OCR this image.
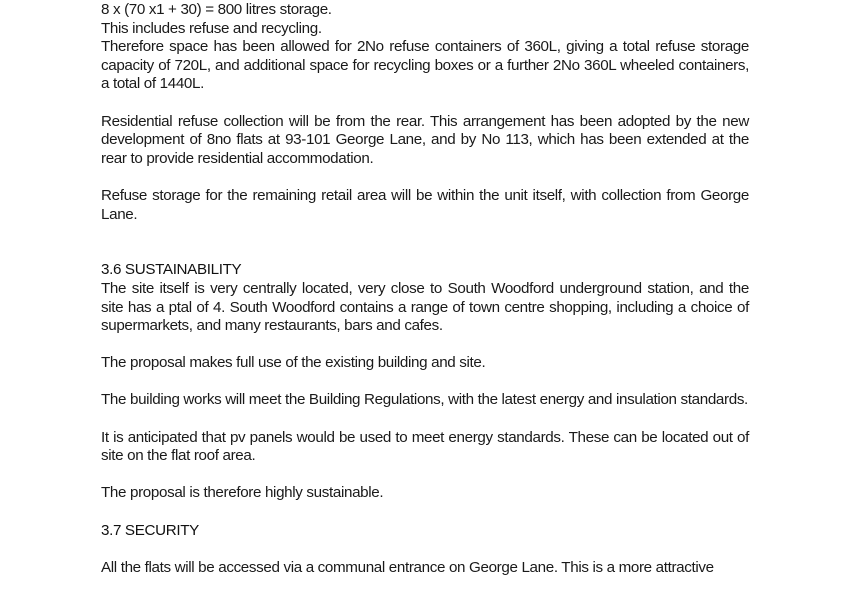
8 x (70 x1 + 30) = 800 litres storage.
This includes refuse and recycling.

Therefore space has been allowed for 2No refuse containers of 360L, giving a total refuse storage capacity of 720L, and additional space for recycling boxes or a further 2No 360L wheeled containers, a total of 1440L.

Residential refuse collection will be from the rear. This arrangement has been adopted by the new development of 8no flats at 93-101 George Lane, and by No 113, which has been extended at the rear to provide residential accommodation.

Refuse storage for the remaining retail area will be within the unit itself, with collection from George Lane.

3.6 SUSTAINABILITY

The site itself is very centrally located, very close to South Woodford underground station, and the site has a ptal of 4. South Woodford contains a range of town centre shopping, including a choice of supermarkets, and many restaurants, bars and cafes.

The proposal makes full use of the existing building and site.

The building works will meet the Building Regulations, with the latest energy and insulation standards.

It is anticipated that pv panels would be used to meet energy standards. These can be located out of site on the flat roof area.

The proposal is therefore highly sustainable.

3.7 SECURITY

All the flats will be accessed via a communal entrance on George Lane. This is a more attractive
